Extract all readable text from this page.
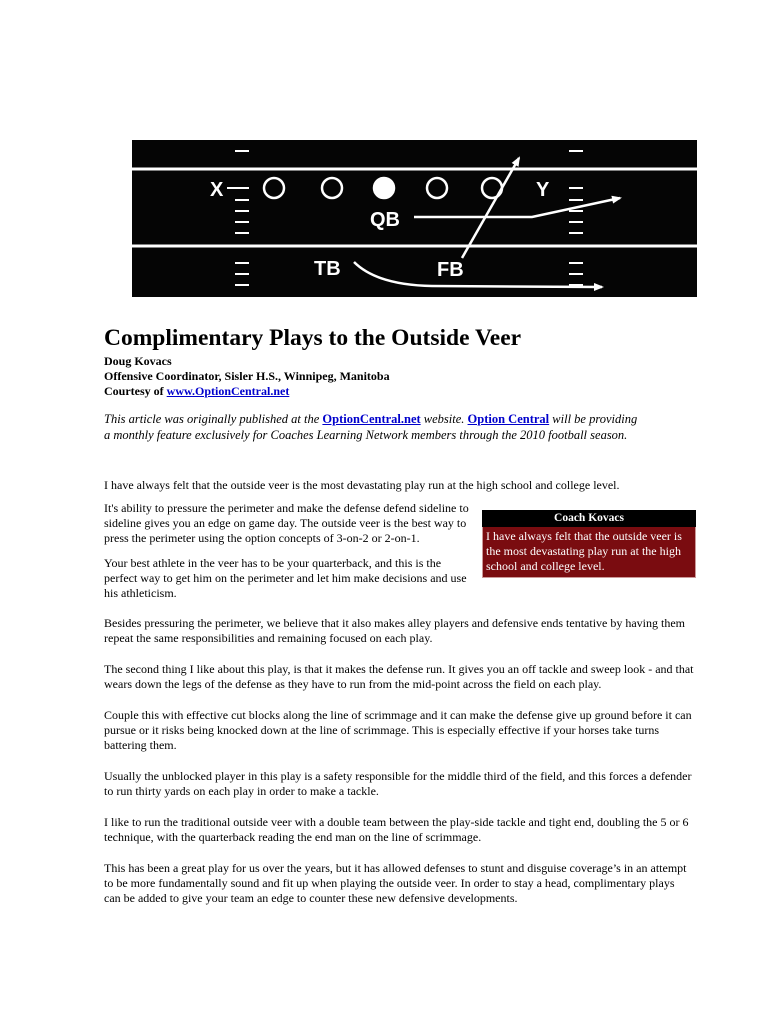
X	Y
QB
TB	FB
Complimentary Plays to the Outside Veer
Doug Kovacs
Offensive Coordinator, Sisler H.S., Winnipeg, Manitoba
Courtesy of www.OptionCentral.net

This article was originally published at the OptionCentral.net website. Option Central will be providing
a monthly feature exclusively for Coaches Learning Network members through the 2010 football season.

I have always felt that the outside veer is the most devastating play run at the high school and college level.

Coach Kovacs
I have always felt that the outside veer is the most devastating play run at the high school and college level.

It's ability to pressure the perimeter and make the defense defend sideline to sideline gives you an edge on game day. The outside veer is the best way to press the perimeter using the option concepts of 3-on-2 or 2-on-1.

Your best athlete in the veer has to be your quarterback, and this is the perfect way to get him on the perimeter and let him make decisions and use his athleticism.

Besides pressuring the perimeter, we believe that it also makes alley players and defensive ends tentative by having them repeat the same responsibilities and remaining focused on each play.

The second thing I like about this play, is that it makes the defense run. It gives you an off tackle and sweep look - and that wears down the legs of the defense as they have to run from the mid-point across the field on each play.

Couple this with effective cut blocks along the line of scrimmage and it can make the defense give up ground before it can pursue or it risks being knocked down at the line of scrimmage. This is especially effective if your horses take turns battering them.

Usually the unblocked player in this play is a safety responsible for the middle third of the field, and this forces a defender to run thirty yards on each play in order to make a tackle.

I like to run the traditional outside veer with a double team between the play-side tackle and tight end, doubling the 5 or 6 technique, with the quarterback reading the end man on the line of scrimmage.

This has been a great play for us over the years, but it has allowed defenses to stunt and disguise coverage’s in an attempt to be more fundamentally sound and fit up when playing the outside veer. In order to stay a head, complimentary plays can be added to give your team an edge to counter these new defensive developments.
